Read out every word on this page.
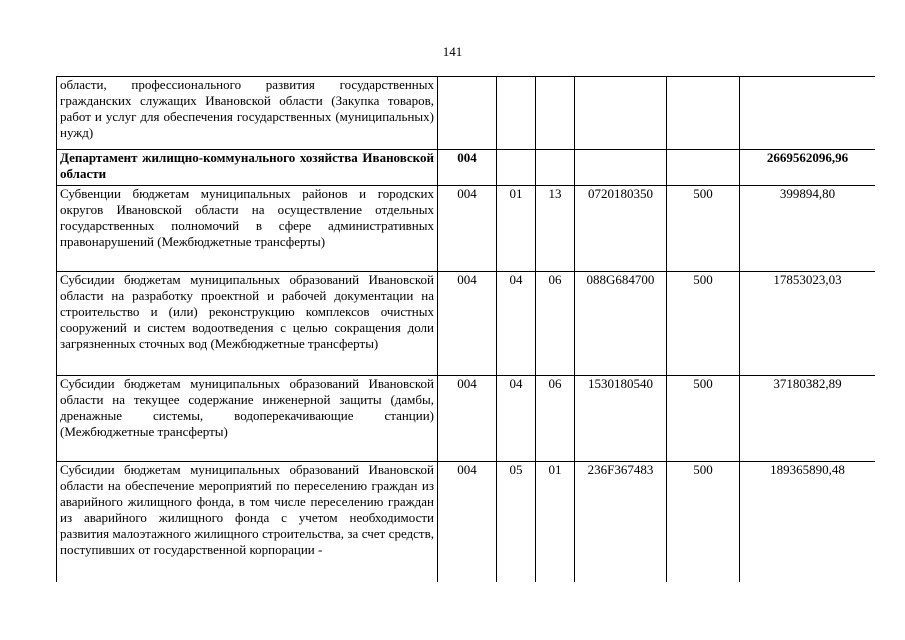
141
области, профессионального развития государственных гражданских служащих Ивановской области (Закупка товаров, работ и услуг для обеспечения государственных (муниципальных) нужд)						
Департамент жилищно-коммунального хозяйства Ивановской области	004					2669562096,96
Субвенции бюджетам муниципальных районов и городских округов Ивановской области на осуществление отдельных государственных полномочий в сфере административных правонарушений (Межбюджетные трансферты)	004	01	13	0720180350	500	399894,80
Субсидии бюджетам муниципальных образований Ивановской области на разработку проектной и рабочей документации на строительство и (или) реконструкцию комплексов очистных сооружений и систем водоотведения с целью сокращения доли загрязненных сточных вод (Межбюджетные трансферты)	004	04	06	088G684700	500	17853023,03
Субсидии бюджетам муниципальных образований Ивановской области на текущее содержание инженерной защиты (дамбы, дренажные системы, водоперекачивающие станции) (Межбюджетные трансферты)	004	04	06	1530180540	500	37180382,89
Субсидии бюджетам муниципальных образований Ивановской области на обеспечение мероприятий по переселению граждан из аварийного жилищного фонда, в том числе переселению граждан из аварийного жилищного фонда с учетом необходимости развития малоэтажного жилищного строительства, за счет средств, поступивших от государственной корпорации -	004	05	01	236F367483	500	189365890,48
